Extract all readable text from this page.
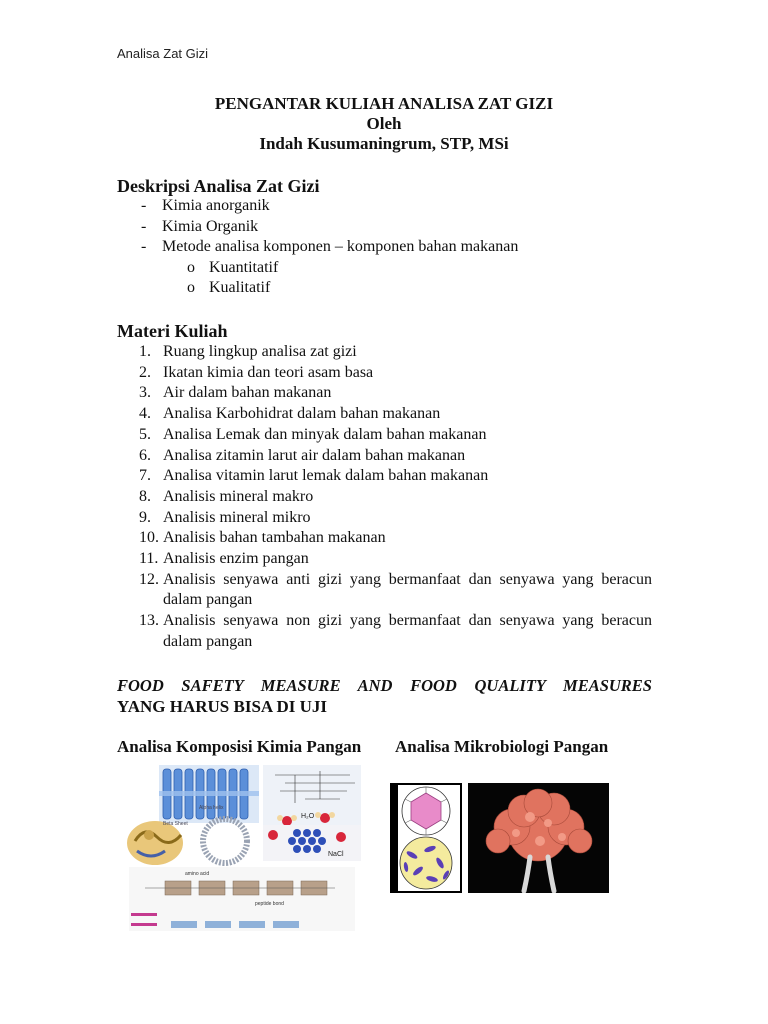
Analisa Zat Gizi
PENGANTAR KULIAH ANALISA ZAT GIZI
Oleh
Indah Kusumaningrum, STP, MSi
Deskripsi Analisa Zat Gizi
- Kimia anorganik
- Kimia Organik
- Metode analisa komponen – komponen bahan makanan
o Kuantitatif
o Kualitatif
Materi Kuliah
1. Ruang lingkup analisa zat gizi
2. Ikatan kimia dan teori asam basa
3. Air dalam bahan makanan
4. Analisa Karbohidrat dalam bahan makanan
5. Analisa Lemak dan minyak dalam bahan makanan
6. Analisa zitamin larut air dalam bahan makanan
7. Analisa vitamin larut lemak dalam bahan makanan
8. Analisis mineral makro
9. Analisis mineral mikro
10. Analisis bahan tambahan makanan
11. Analisis enzim pangan
12. Analisis senyawa anti gizi yang bermanfaat dan senyawa yang beracun dalam pangan
13. Analisis senyawa non gizi yang bermanfaat dan senyawa yang beracun dalam pangan
FOOD SAFETY MEASURE AND FOOD QUALITY MEASURES
YANG HARUS BISA DI UJI
Analisa Komposisi Kimia Pangan Analisa Mikrobiologi Pangan
H₂O
NaCl
Alpha helix
Beta Sheet
peptide bond
amino acid
